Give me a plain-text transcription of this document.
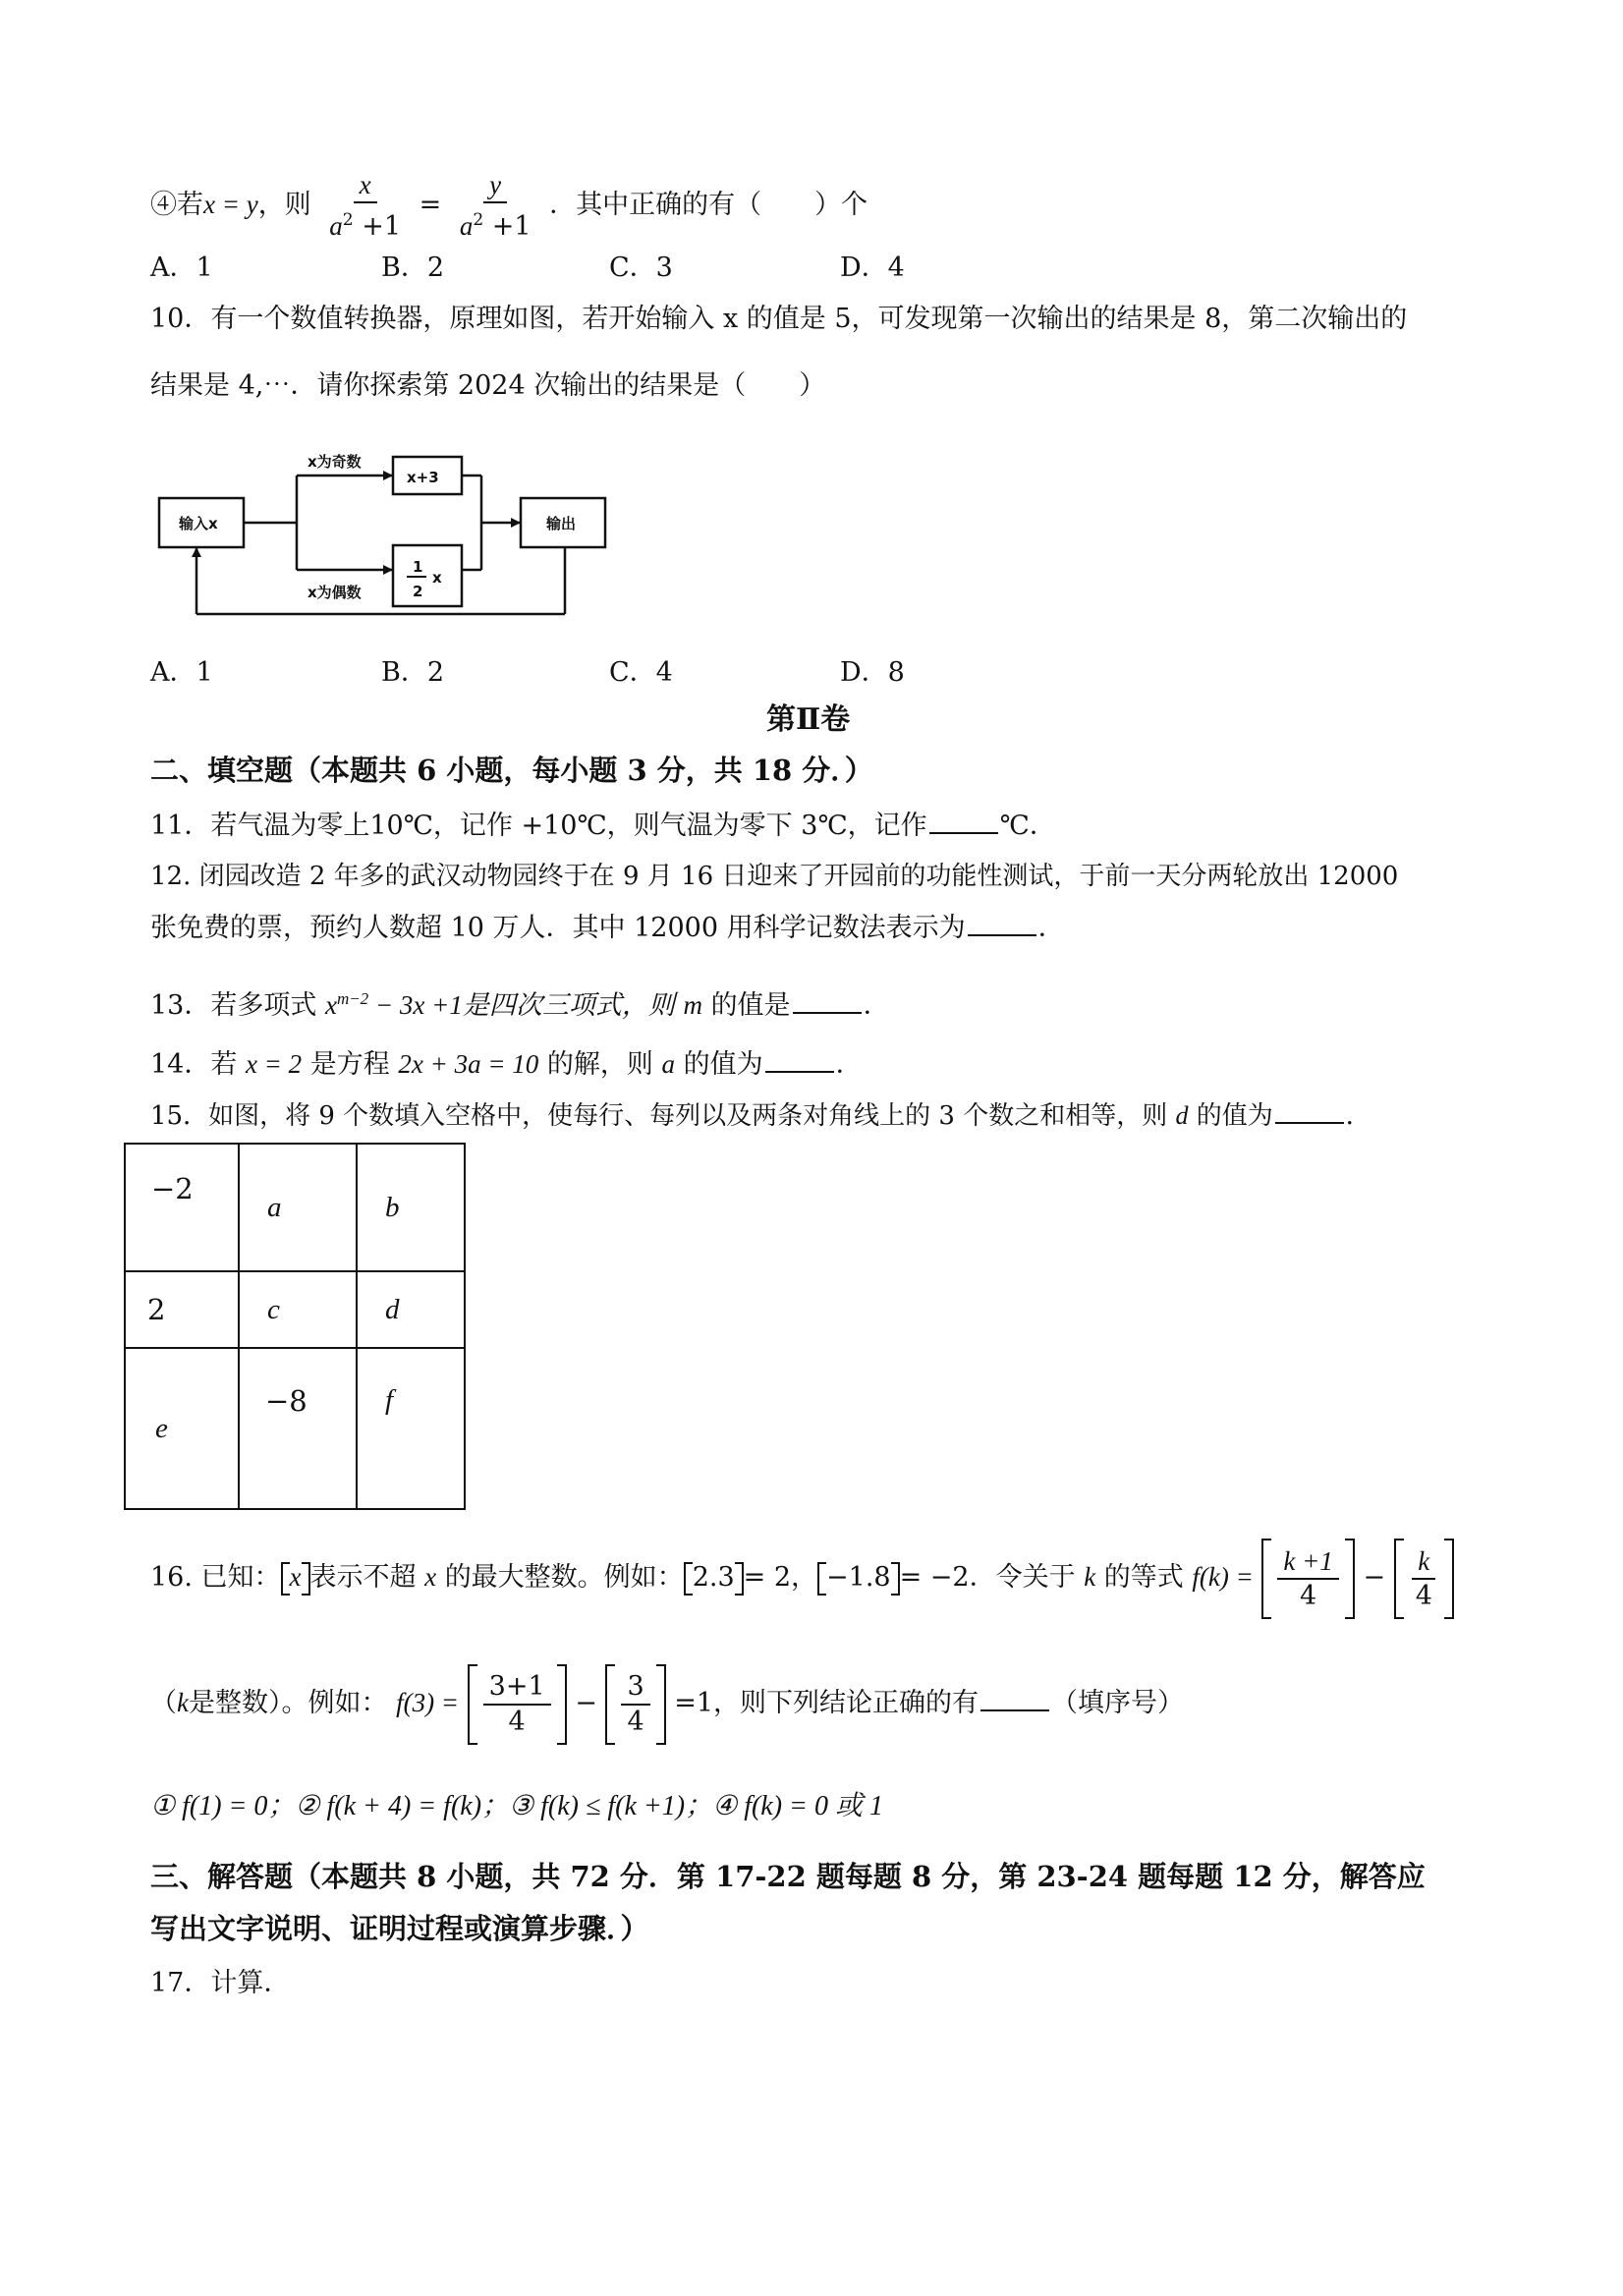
④若x = y，则 $\frac{x}{a^2 +1} = \frac{y}{a^2 +1}$ ．其中正确的有（　　）个
A．1	B．2	C．3	D．4
10．有一个数值转换器，原理如图，若开始输入 x 的值是 5，可发现第一次输出的结果是 8，第二次输出的
结果是 4,⋯．请你探索第 2024 次输出的结果是（　　）
输入x
x为奇数
x+3
1
2
x
x为偶数
输出
A．1	B．2	C．4	D．8
第Ⅱ卷
二、填空题（本题共 6 小题，每小题 3 分，共 18 分．）
11．若气温为零上10℃，记作 +10℃，则气温为零下 3℃，记作	℃．
12. 闭园改造 2 年多的武汉动物园终于在 9 月 16 日迎来了开园前的功能性测试，于前一天分两轮放出 12000
张免费的票，预约人数超 10 万人．其中 12000 用科学记数法表示为	．
13．若多项式 $x^{m-2} - 3x +1$是四次三项式，则 m 的值是	．
14．若 x = 2 是方程 2x + 3a = 10 的解，则 a 的值为	．
15．如图，将 9 个数填入空格中，使每行、每列以及两条对角线上的 3 个数之和相等，则 d 的值为	．
−2	a	b
2	c	d
e	−8	f
16. 已知： x 表示不超 x 的最大整数。例如： 2.3 = 2， −1.8 = −2．令关于 k 的等式 $f(k) = \frac{k +1}{4} - \frac{k}{4}$
（k是整数）。例如： $f(3) = \frac{3+1}{4} - \frac{3}{4} =1$，则下列结论正确的有	（填序号）
① f(1) = 0；② f(k + 4) = f(k)；③ f(k) ≤ f(k +1)；④ f(k) = 0 或 1
三、解答题（本题共 8 小题，共 72 分．第 17-22 题每题 8 分，第 23-24 题每题 12 分，解答应
写出文字说明、证明过程或演算步骤．）
17．计算．
